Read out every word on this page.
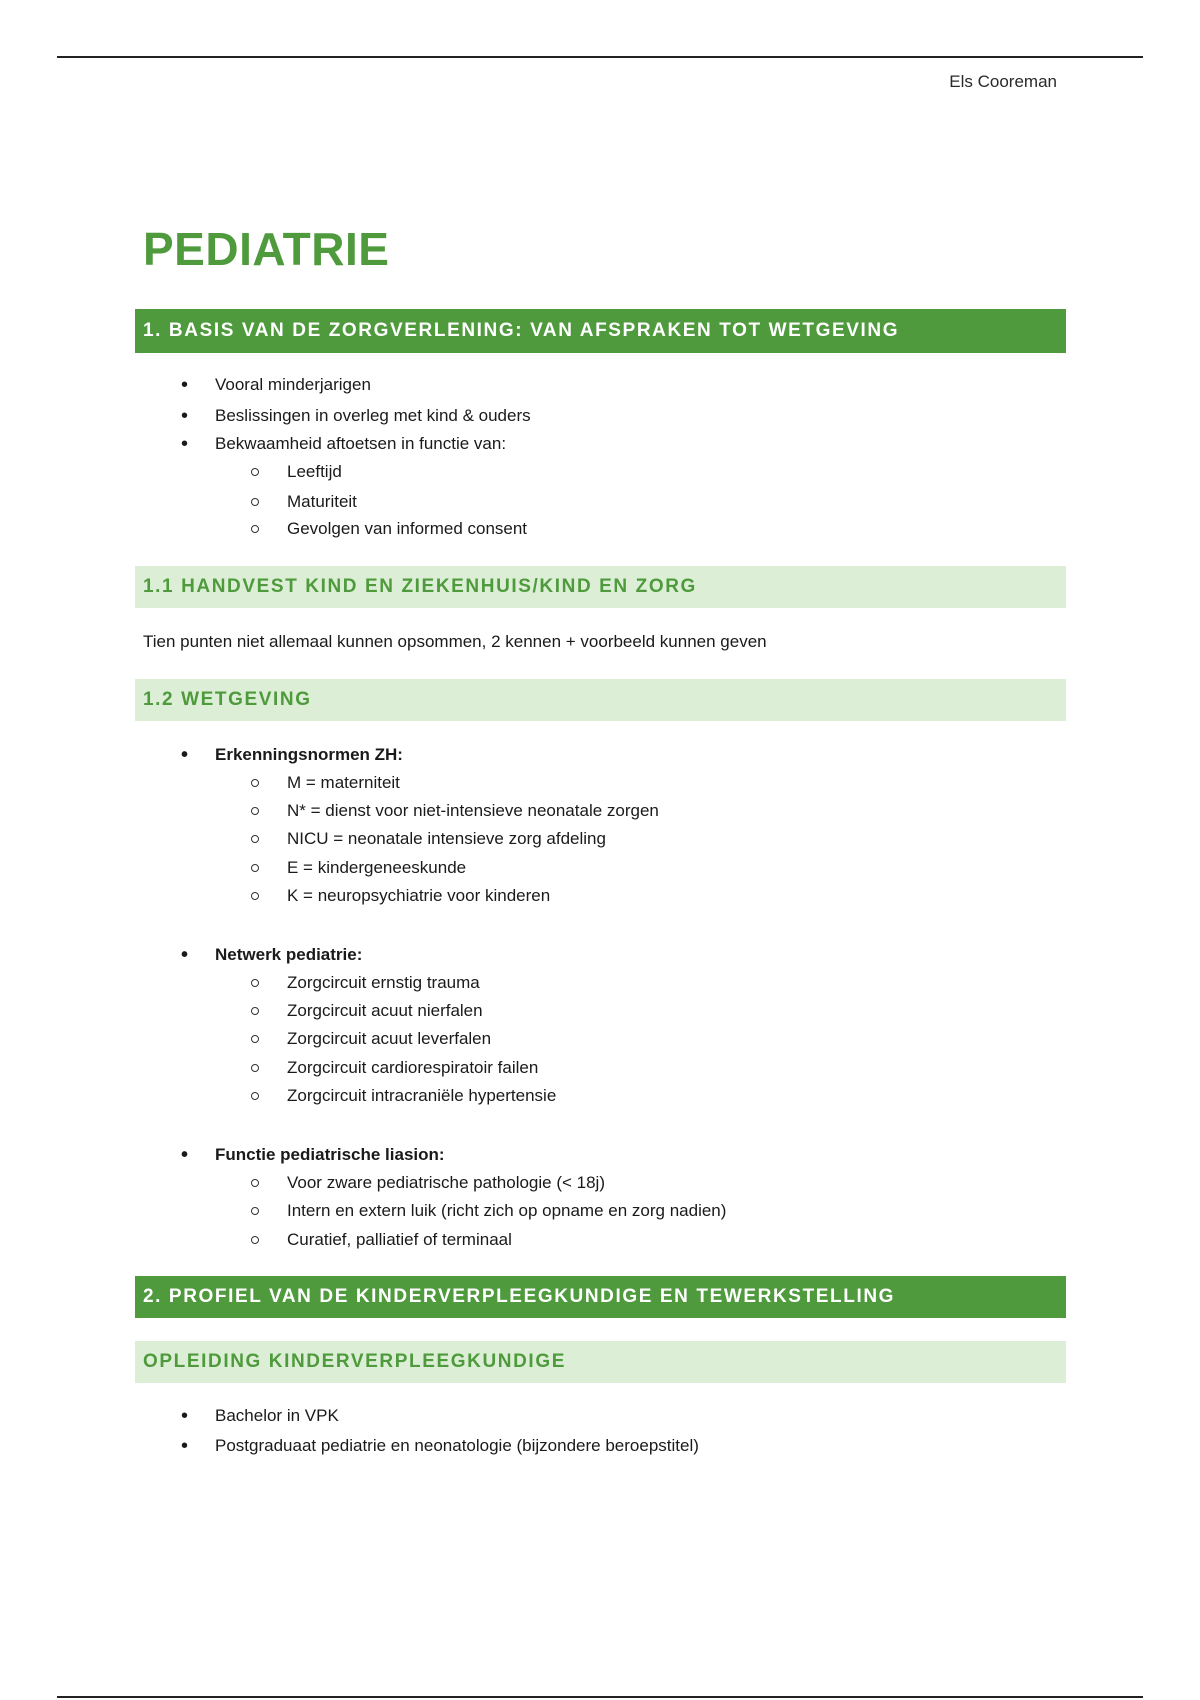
Els Cooreman
PEDIATRIE
1. BASIS VAN DE ZORGVERLENING: VAN AFSPRAKEN TOT WETGEVING
• Vooral minderjarigen
• Beslissingen in overleg met kind & ouders
• Bekwaamheid aftoetsen in functie van:
Leeftijd
Maturiteit
Gevolgen van informed consent
1.1 HANDVEST KIND EN ZIEKENHUIS/KIND EN ZORG
Tien punten niet allemaal kunnen opsommen, 2 kennen + voorbeeld kunnen geven
1.2 WETGEVING
• Erkenningsnormen ZH:
M = materniteit
N* = dienst voor niet-intensieve neonatale zorgen
NICU = neonatale intensieve zorg afdeling
E = kindergeneeskunde
K = neuropsychiatrie voor kinderen
• Netwerk pediatrie:
Zorgcircuit ernstig trauma
Zorgcircuit acuut nierfalen
Zorgcircuit acuut leverfalen
Zorgcircuit cardiorespiratoir failen
Zorgcircuit intracraniële hypertensie
• Functie pediatrische liasion:
Voor zware pediatrische pathologie (< 18j)
Intern en extern luik (richt zich op opname en zorg nadien)
Curatief, palliatief of terminaal
2. PROFIEL VAN DE KINDERVERPLEEGKUNDIGE EN TEWERKSTELLING
OPLEIDING KINDERVERPLEEGKUNDIGE
• Bachelor in VPK
• Postgraduaat pediatrie en neonatologie (bijzondere beroepstitel)
